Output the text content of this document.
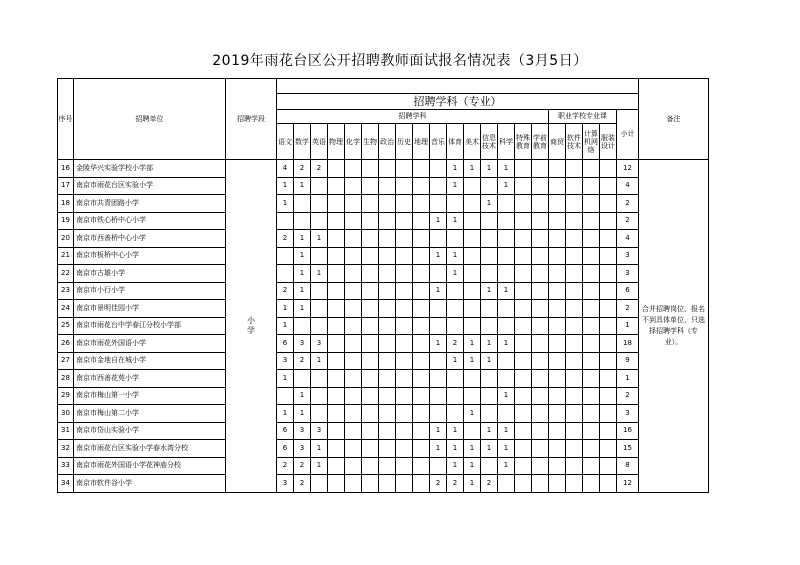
2019年雨花台区公开招聘教师面试报名情况表（3月5日）
序号	招聘单位	招聘学段																						备注
			招聘学科（专业）																					
			招聘学科																职业学校专业课				小计	
			语文	数学	英语	物理	化学	生物	政治	历史	地理	音乐	体育	美术	信息技术	科学	特殊教育	学前教育	商贸	软件技术	计算机网络	服装设计		
16	金陵华兴实验学校小学部	小学	4	2	2								1	1	1	1							12	合并招聘岗位，报名不到具体单位，只选择招聘学科（专业）。
17	南京市雨花台区实验小学		1	1									1			1							4	
18	南京市共青团路小学		1												1								2	
19	南京市铁心桥中心小学											1	1										2	
20	南京市西善桥中心小学		2	1	1																		4	
21	南京市板桥中心小学			1								1	1										3	
22	南京市古雄小学			1	1								1										3	
23	南京市小行小学		2	1								1			1	1							6	
24	南京市景明佳园小学		1	1																			2	
25	南京市雨花台中学春江分校小学部		1																				1	
26	南京市雨花外国语小学		6	3	3							1	2	1	1	1							18	
27	南京市金地自在城小学		3	2	1								1	1	1								9	
28	南京市西善花苑小学		1																				1	
29	南京市梅山第一小学			1												1							2	
30	南京市梅山第二小学		1	1										1									3	
31	南京市岱山实验小学		6	3	3							1	1		1	1							16	
32	南京市雨花台区实验小学春水湾分校		6	3	1							1	1	1	1	1							15	
33	南京市雨花外国语小学花神庙分校		2	2	1								1	1		1							8	
34	南京市软件谷小学		3	2								2	2	1	2								12	
